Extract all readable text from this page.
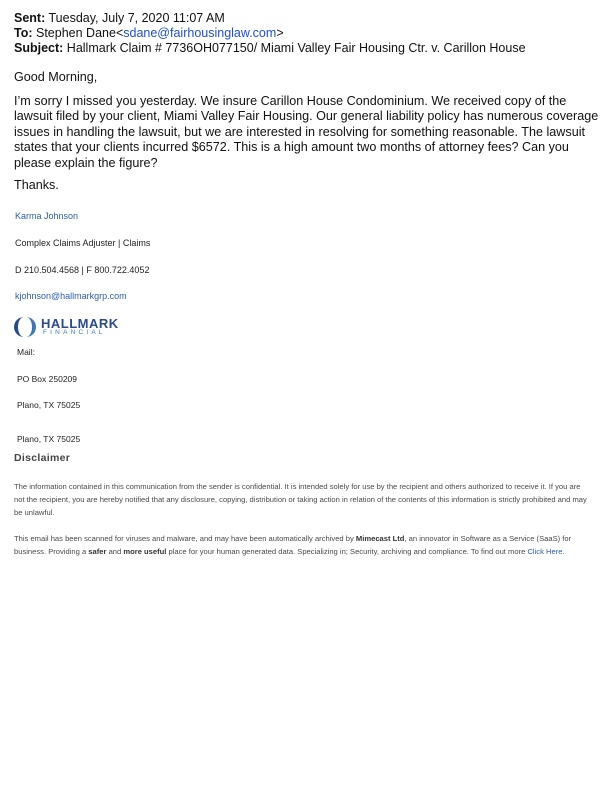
Sent: Tuesday, July 7, 2020 11:07 AM
To: Stephen Dane<sdane@fairhousinglaw.com>
Subject: Hallmark Claim # 7736OH077150/ Miami Valley Fair Housing Ctr. v. Carillon House
Good Morning,
I’m sorry I missed you yesterday. We insure Carillon House Condominium. We received copy of the lawsuit filed by your client, Miami Valley Fair Housing. Our general liability policy has numerous coverage issues in handling the lawsuit, but we are interested in resolving for something reasonable. The lawsuit states that your clients incurred $6572. This is a high amount two months of attorney fees? Can you please explain the figure?
Thanks.
Karma Johnson
Complex Claims Adjuster | Claims
D 210.504.4568 | F 800.722.4052
kjohnson@hallmarkgrp.com
HALLMARK
FINANCIAL
Mail:
PO Box 250209
Plano, TX 75025
Plano, TX 75025
Disclaimer
The information contained in this communication from the sender is confidential. It is intended solely for use by the recipient and others authorized to receive it. If you are not the recipient, you are hereby notified that any disclosure, copying, distribution or taking action in relation of the contents of this information is strictly prohibited and may be unlawful.
This email has been scanned for viruses and malware, and may have been automatically archived by Mimecast Ltd, an innovator in Software as a Service (SaaS) for business. Providing a safer and more useful place for your human generated data. Specializing in; Security, archiving and compliance. To find out more Click Here.
